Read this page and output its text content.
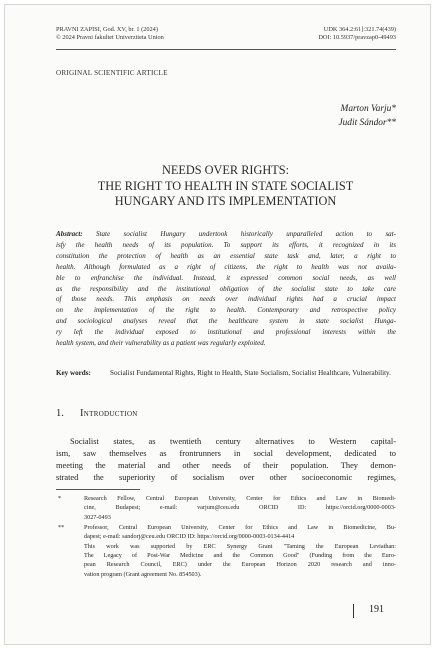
PRAVNI ZAPISI, God. XV, br. 1 (2024)
© 2024 Pravni fakultet Univerziteta Union
UDK 364.2:61]:321.74(439)
DOI: 10.5937/pravzap0-49493
ORIGINAL SCIENTIFIC ARTICLE
Marton Varju*
Judit Sándor**
NEEDS OVER RIGHTS:
THE RIGHT TO HEALTH IN STATE SOCIALIST
HUNGARY AND ITS IMPLEMENTATION
Abstract: State socialist Hungary undertook historically unparalleled action to sat-
isfy the health needs of its population. To support its efforts, it recognized in its
constitution the protection of health as an essential state task and, later, a right to
health. Although formulated as a right of citizens, the right to health was not availa-
ble to enfranchise the individual. Instead, it expressed common social needs, as well
as the responsibility and the institutional obligation of the socialist state to take care
of those needs. This emphasis on needs over individual rights had a crucial impact
on the implementation of the right to health. Contemporary and retrospective policy
and sociological analyses reveal that the healthcare system in state socialist Hunga-
ry left the individual exposed to institutional and professional interests within the
health system, and their vulnerability as a patient was regularly exploited.
Key words:	Socialist Fundamental Rights, Right to Health, State Socialism, Socialist Healthcare, Vulnerability.
1. Introduction
Socialist states, as twentieth century alternatives to Western capital-
ism, saw themselves as frontrunners in social development, dedicated to
meeting the material and other needs of their population. They demon-
strated the superiority of socialism over other socioeconomic regimes,
*	Research Fellow, Central European University, Center for Ethics and Law in Biomedi-
cine, Budapest; e-mail: varjum@ceu.edu ORCID ID: https://orcid.org/0000-0003-
3027-0493
**	Professor, Central European University, Center for Ethics and Law in Biomedicine, Bu-
dapest; e-mail: sandorj@ceu.edu ORCID ID: https://orcid.org/0000-0003-0134-4414
This work was supported by ERC Synergy Grant "Taming the European Leviathan:
The Legacy of Post-War Medicine and the Common Good" (Funding from the Euro-
pean Research Council, ERC) under the European Horizon 2020 research and inno-
vation program (Grant agreement No. 854503).
191
